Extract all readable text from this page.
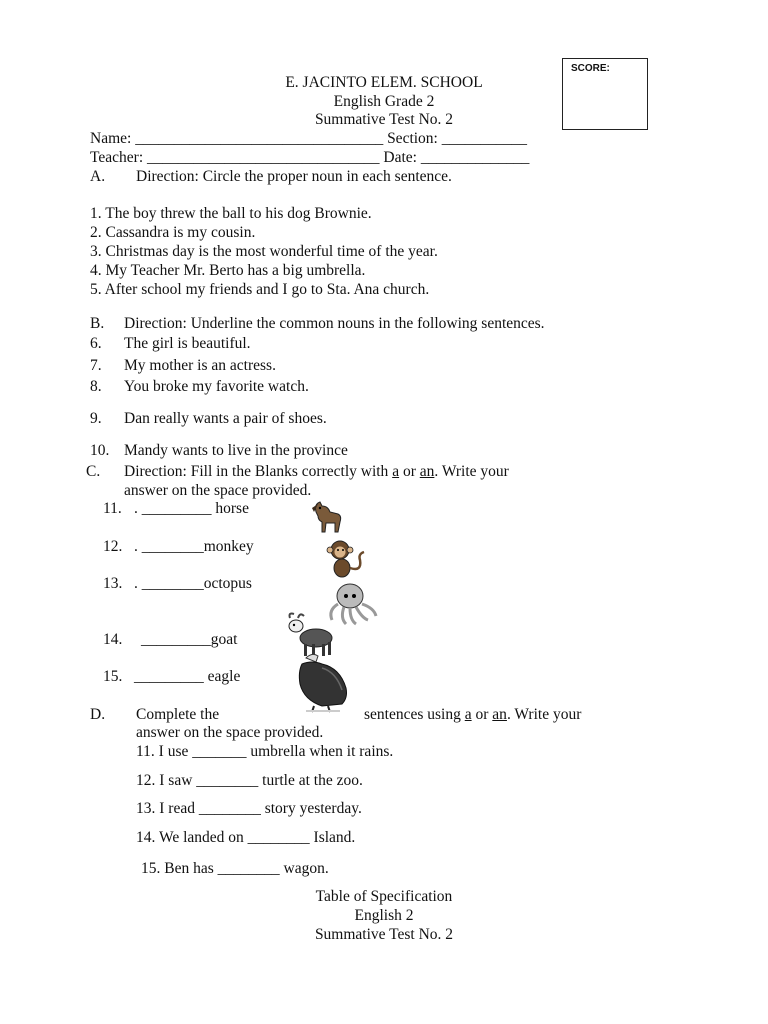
SCORE:
E. JACINTO ELEM. SCHOOL
English Grade 2
Summative Test No. 2
Name: ________________________________ Section: ___________
Teacher: ______________________________ Date: ______________
A. Direction: Circle the proper noun in each sentence.
1. The boy threw the ball to his dog Brownie.
2. Cassandra is my cousin.
3. Christmas day is the most wonderful time of the year.
4. My Teacher Mr. Berto has a big umbrella.
5. After school my friends and I go to Sta. Ana church.
B. Direction: Underline the common nouns in the following sentences.
6. The girl is beautiful.
7. My mother is an actress.
8. You broke my favorite watch.
9. Dan really wants a pair of shoes.
10. Mandy wants to live in the province
C. Direction: Fill in the Blanks correctly with a or an. Write your
answer on the space provided.
11. . _________ horse
12. . ________monkey
13. . ________octopus
14. _________goat
15. _________ eagle
D. Complete the	sentences using a or an. Write your
answer on the space provided.
11. I use _______ umbrella when it rains.
12. I saw ________ turtle at the zoo.
13. I read ________ story yesterday.
14. We landed on ________ Island.
15. Ben has ________ wagon.
Table of Specification
English 2
Summative Test No. 2
